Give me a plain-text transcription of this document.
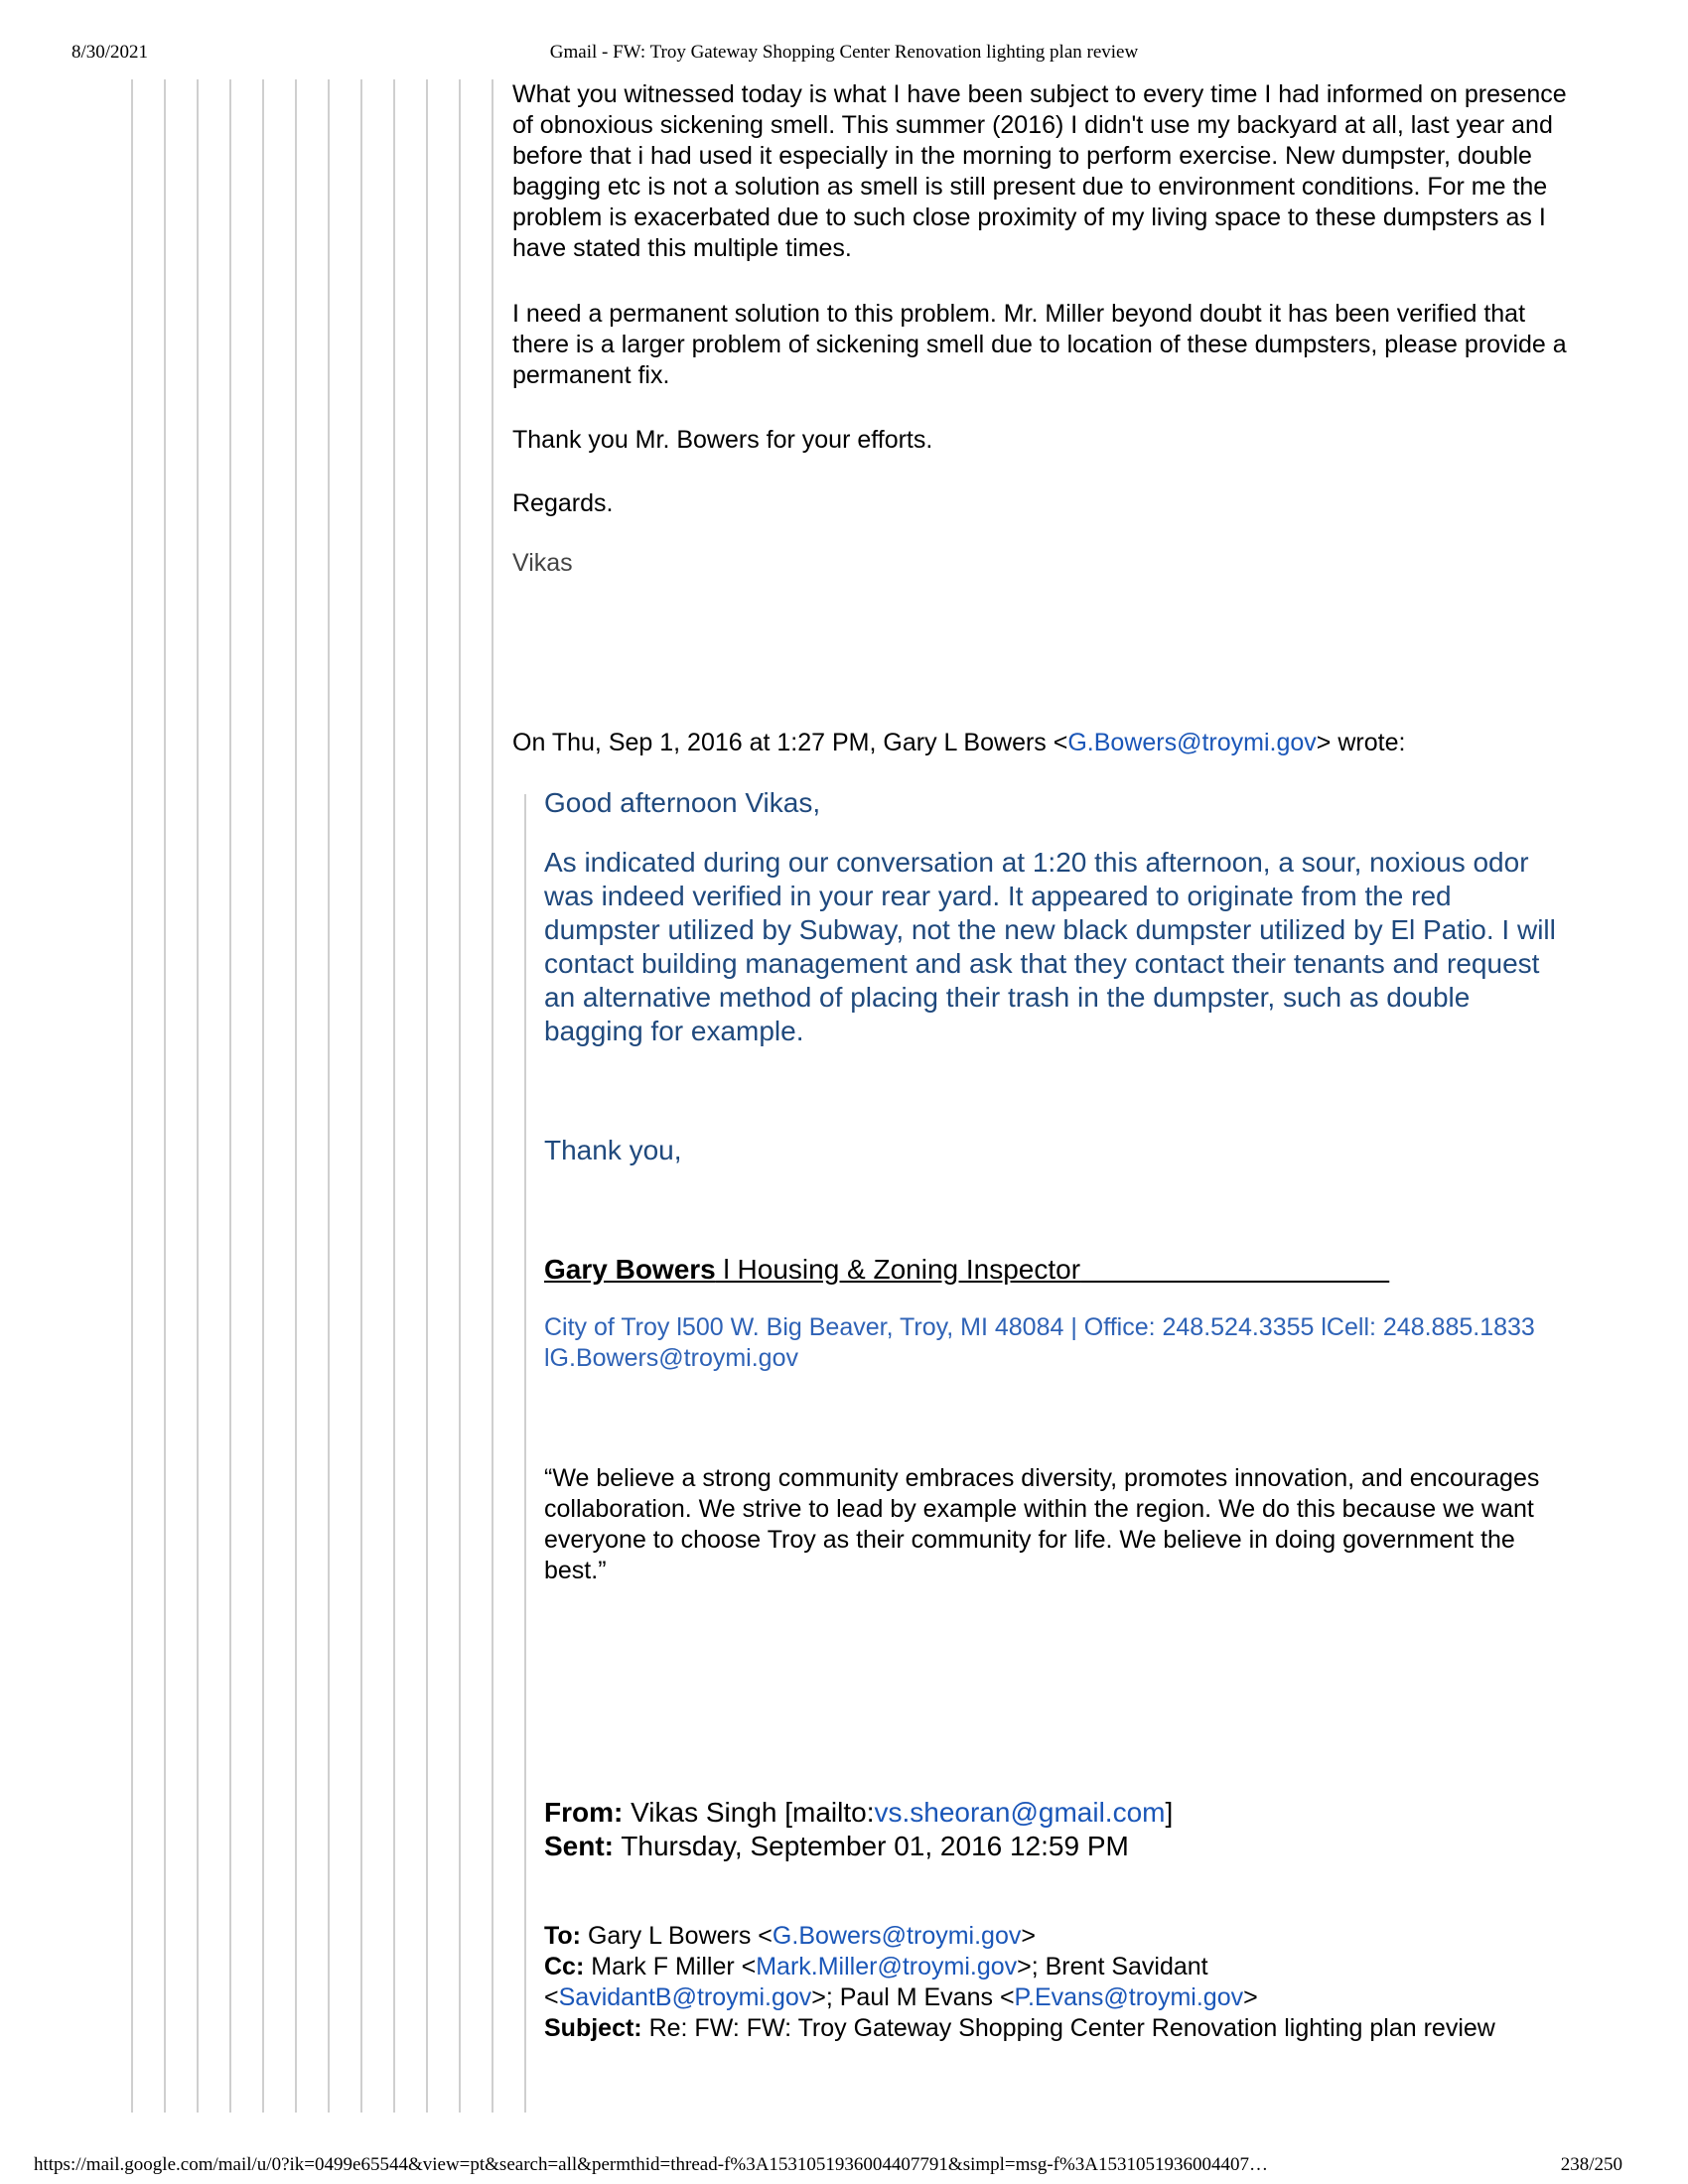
8/30/2021	Gmail - FW: Troy Gateway Shopping Center Renovation lighting plan review

What you witnessed today is what I have been subject to every time I had informed on presence of obnoxious sickening smell. This summer (2016) I didn't use my backyard at all, last year and before that i had used it especially in the morning to perform exercise. New dumpster, double bagging etc is not a solution as smell is still present due to environment conditions. For me the problem is exacerbated due to such close proximity of my living space to these dumpsters as I have stated this multiple times.

I need a permanent solution to this problem. Mr. Miller beyond doubt it has been verified that there is a larger problem of sickening smell due to location of these dumpsters, please provide a permanent fix.

Thank you Mr. Bowers for your efforts.

Regards.

Vikas

On Thu, Sep 1, 2016 at 1:27 PM, Gary L Bowers <G.Bowers@troymi.gov> wrote:

Good afternoon Vikas,

As indicated during our conversation at 1:20 this afternoon, a sour, noxious odor was indeed verified in your rear yard. It appeared to originate from the red dumpster utilized by Subway, not the new black dumpster utilized by El Patio. I will contact building management and ask that they contact their tenants and request an alternative method of placing their trash in the dumpster, such as double bagging for example.

Thank you,

Gary Bowers l Housing & Zoning Inspector

City of Troy l500 W. Big Beaver, Troy, MI 48084 | Office: 248.524.3355 lCell: 248.885.1833 lG.Bowers@troymi.gov

“We believe a strong community embraces diversity, promotes innovation, and encourages collaboration. We strive to lead by example within the region. We do this because we want everyone to choose Troy as their community for life. We believe in doing government the best.”

From: Vikas Singh [mailto:vs.sheoran@gmail.com]

Sent: Thursday, September 01, 2016 12:59 PM

To: Gary L Bowers <G.Bowers@troymi.gov>

Cc: Mark F Miller <Mark.Miller@troymi.gov>; Brent Savidant <SavidantB@troymi.gov>; Paul M Evans <P.Evans@troymi.gov>

Subject: Re: FW: FW: Troy Gateway Shopping Center Renovation lighting plan review

https://mail.google.com/mail/u/0?ik=0499e65544&view=pt&search=all&permthid=thread-f%3A1531051936004407791&simpl=msg-f%3A1531051936004407…	238/250
